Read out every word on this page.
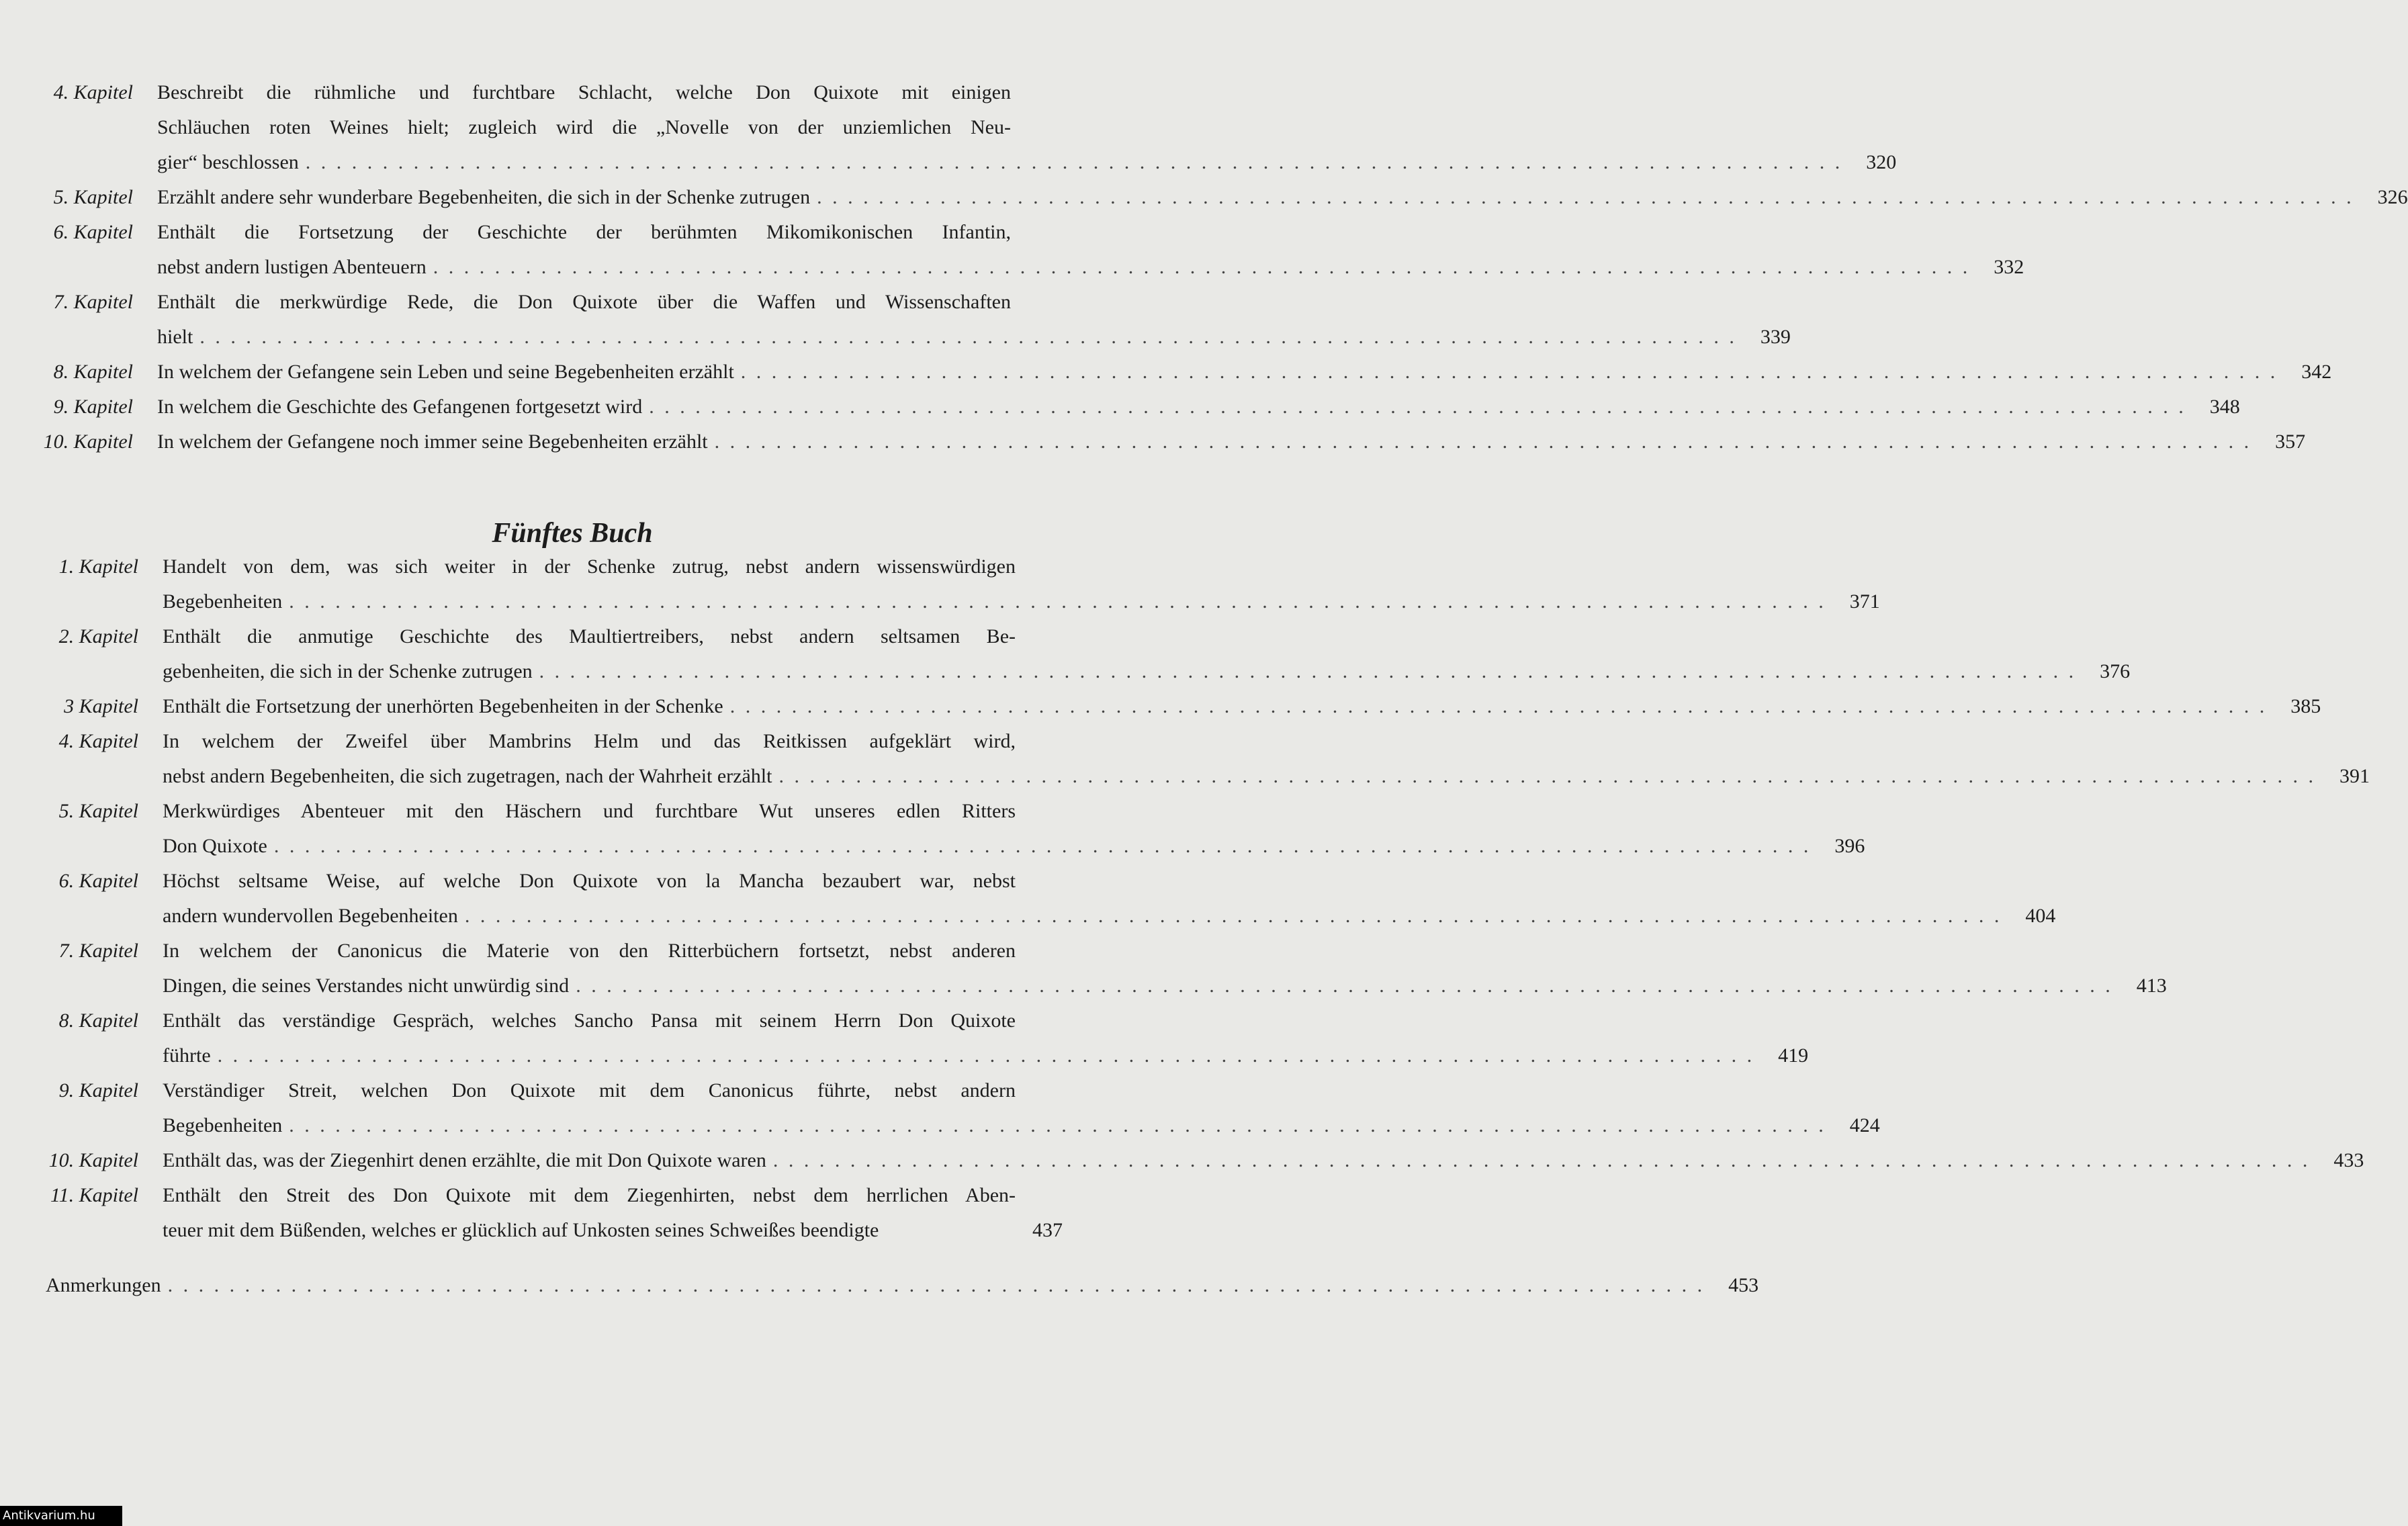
4. Kapitel Beschreibt die rühmliche und furchtbare Schlacht, welche Don Quixote mit einigen
Schläuchen roten Weines hielt; zugleich wird die „Novelle von der unziemlichen Neu-
gier“ beschlossen . . . . . . . . . . . . . . . . . . . . . . . . . . . . . . . . . . . . . . . . . . . . . . . . . . . . . . . . . . . . . . . . . . . . . . . . . . . . . . . . . . . . . . . . . . . . . . . . . . . .	320
5. Kapitel Erzählt andere sehr wunderbare Begebenheiten, die sich in der Schenke zutrugen . . . . . . . . . . . . . . . . . . . . . . . . . . . . . . . . . . . . . . . . . . . . . . . . . . . . . . . . . . . . . . . . . . . . . . . . . . . . . . . . . . . . . . . . . . . . . . . . . . . .	326
6. Kapitel Enthält die Fortsetzung der Geschichte der berühmten Mikomikonischen Infantin,
nebst andern lustigen Abenteuern . . . . . . . . . . . . . . . . . . . . . . . . . . . . . . . . . . . . . . . . . . . . . . . . . . . . . . . . . . . . . . . . . . . . . . . . . . . . . . . . . . . . . . . . . . . . . . . . . . . .	332
7. Kapitel Enthält die merkwürdige Rede, die Don Quixote über die Waffen und Wissenschaften
hielt . . . . . . . . . . . . . . . . . . . . . . . . . . . . . . . . . . . . . . . . . . . . . . . . . . . . . . . . . . . . . . . . . . . . . . . . . . . . . . . . . . . . . . . . . . . . . . . . . . . .	339
8. Kapitel In welchem der Gefangene sein Leben und seine Begebenheiten erzählt . . . . . . . . . . . . . . . . . . . . . . . . . . . . . . . . . . . . . . . . . . . . . . . . . . . . . . . . . . . . . . . . . . . . . . . . . . . . . . . . . . . . . . . . . . . . . . . . . . . .	342
9. Kapitel In welchem die Geschichte des Gefangenen fortgesetzt wird . . . . . . . . . . . . . . . . . . . . . . . . . . . . . . . . . . . . . . . . . . . . . . . . . . . . . . . . . . . . . . . . . . . . . . . . . . . . . . . . . . . . . . . . . . . . . . . . . . . .	348
10. Kapitel In welchem der Gefangene noch immer seine Begebenheiten erzählt . . . . . . . . . . . . . . . . . . . . . . . . . . . . . . . . . . . . . . . . . . . . . . . . . . . . . . . . . . . . . . . . . . . . . . . . . . . . . . . . . . . . . . . . . . . . . . . . . . . .	357
Fünftes Buch
1. Kapitel Handelt von dem, was sich weiter in der Schenke zutrug, nebst andern wissenswürdigen
Begebenheiten . . . . . . . . . . . . . . . . . . . . . . . . . . . . . . . . . . . . . . . . . . . . . . . . . . . . . . . . . . . . . . . . . . . . . . . . . . . . . . . . . . . . . . . . . . . . . . . . . . . .	371
2. Kapitel Enthält die anmutige Geschichte des Maultiertreibers, nebst andern seltsamen Be-
gebenheiten, die sich in der Schenke zutrugen . . . . . . . . . . . . . . . . . . . . . . . . . . . . . . . . . . . . . . . . . . . . . . . . . . . . . . . . . . . . . . . . . . . . . . . . . . . . . . . . . . . . . . . . . . . . . . . . . . . .	376
3 Kapitel Enthält die Fortsetzung der unerhörten Begebenheiten in der Schenke . . . . . . . . . . . . . . . . . . . . . . . . . . . . . . . . . . . . . . . . . . . . . . . . . . . . . . . . . . . . . . . . . . . . . . . . . . . . . . . . . . . . . . . . . . . . . . . . . . . .	385
4. Kapitel In welchem der Zweifel über Mambrins Helm und das Reitkissen aufgeklärt wird,
nebst andern Begebenheiten, die sich zugetragen, nach der Wahrheit erzählt . . . . . . . . . . . . . . . . . . . . . . . . . . . . . . . . . . . . . . . . . . . . . . . . . . . . . . . . . . . . . . . . . . . . . . . . . . . . . . . . . . . . . . . . . . . . . . . . . . . .	391
5. Kapitel Merkwürdiges Abenteuer mit den Häschern und furchtbare Wut unseres edlen Ritters
Don Quixote . . . . . . . . . . . . . . . . . . . . . . . . . . . . . . . . . . . . . . . . . . . . . . . . . . . . . . . . . . . . . . . . . . . . . . . . . . . . . . . . . . . . . . . . . . . . . . . . . . . .	396
6. Kapitel Höchst seltsame Weise, auf welche Don Quixote von la Mancha bezaubert war, nebst
andern wundervollen Begebenheiten . . . . . . . . . . . . . . . . . . . . . . . . . . . . . . . . . . . . . . . . . . . . . . . . . . . . . . . . . . . . . . . . . . . . . . . . . . . . . . . . . . . . . . . . . . . . . . . . . . . .	404
7. Kapitel In welchem der Canonicus die Materie von den Ritterbüchern fortsetzt, nebst anderen
Dingen, die seines Verstandes nicht unwürdig sind . . . . . . . . . . . . . . . . . . . . . . . . . . . . . . . . . . . . . . . . . . . . . . . . . . . . . . . . . . . . . . . . . . . . . . . . . . . . . . . . . . . . . . . . . . . . . . . . . . . .	413
8. Kapitel Enthält das verständige Gespräch, welches Sancho Pansa mit seinem Herrn Don Quixote
führte . . . . . . . . . . . . . . . . . . . . . . . . . . . . . . . . . . . . . . . . . . . . . . . . . . . . . . . . . . . . . . . . . . . . . . . . . . . . . . . . . . . . . . . . . . . . . . . . . . . .	419
9. Kapitel Verständiger Streit, welchen Don Quixote mit dem Canonicus führte, nebst andern
Begebenheiten . . . . . . . . . . . . . . . . . . . . . . . . . . . . . . . . . . . . . . . . . . . . . . . . . . . . . . . . . . . . . . . . . . . . . . . . . . . . . . . . . . . . . . . . . . . . . . . . . . . .	424
10. Kapitel Enthält das, was der Ziegenhirt denen erzählte, die mit Don Quixote waren . . . . . . . . . . . . . . . . . . . . . . . . . . . . . . . . . . . . . . . . . . . . . . . . . . . . . . . . . . . . . . . . . . . . . . . . . . . . . . . . . . . . . . . . . . . . . . . . . . . .	433
11. Kapitel Enthält den Streit des Don Quixote mit dem Ziegenhirten, nebst dem herrlichen Aben-
teuer mit dem Büßenden, welches er glücklich auf Unkosten seines Schweißes beendigte	437
Anmerkungen . . . . . . . . . . . . . . . . . . . . . . . . . . . . . . . . . . . . . . . . . . . . . . . . . . . . . . . . . . . . . . . . . . . . . . . . . . . . . . . . . . . . . . . . . . . . . . . . . . . .	453
Antikvarium.hu
